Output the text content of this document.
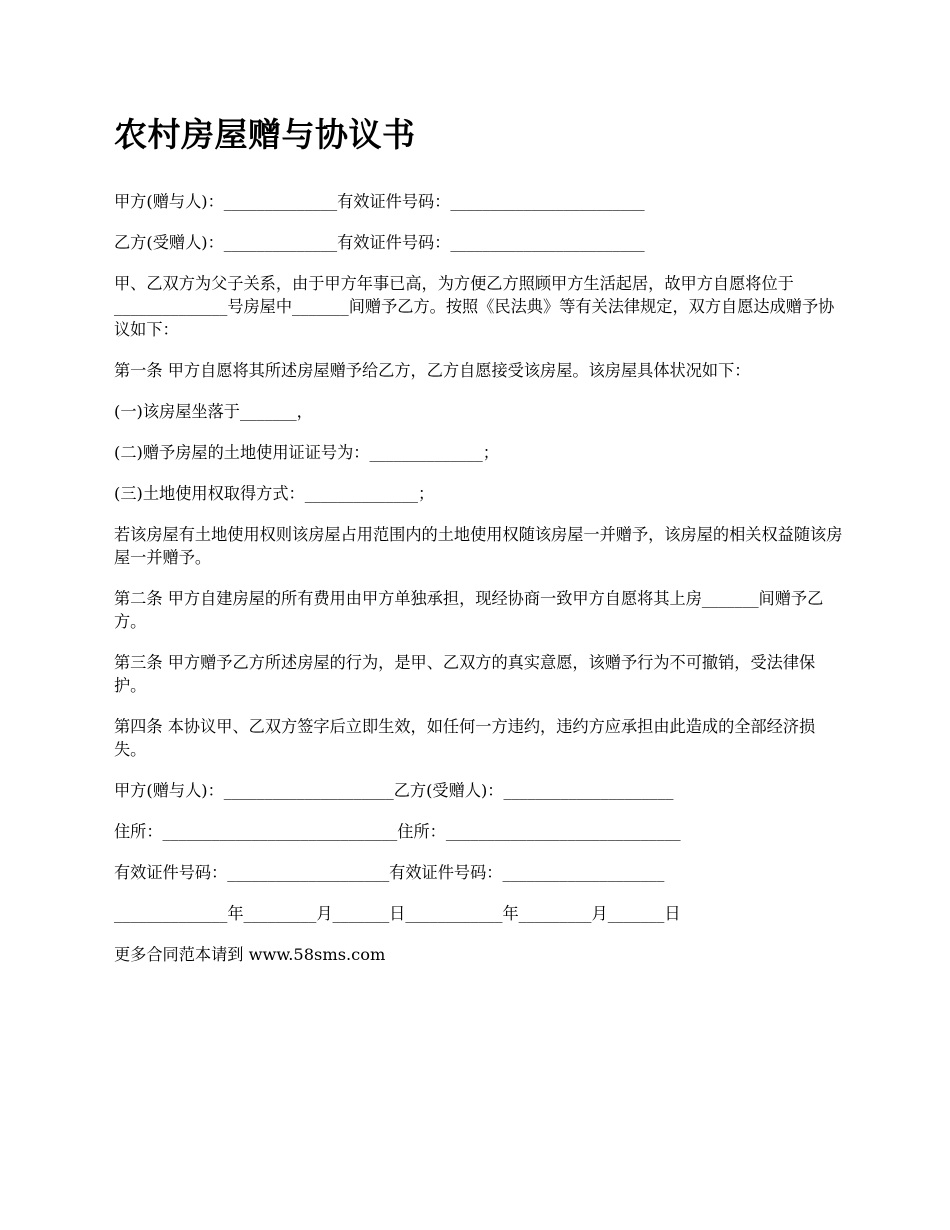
农村房屋赠与协议书

甲方(赠与人)：______________有效证件号码：________________________

乙方(受赠人)：______________有效证件号码：________________________

甲、乙双方为父子关系，由于甲方年事已高，为方便乙方照顾甲方生活起居，故甲方自愿将位于______________号房屋中_______间赠予乙方。按照《民法典》等有关法律规定，双方自愿达成赠予协议如下：

第一条 甲方自愿将其所述房屋赠予给乙方，乙方自愿接受该房屋。该房屋具体状况如下：

(一)该房屋坐落于_______，

(二)赠予房屋的土地使用证证号为：______________；

(三)土地使用权取得方式：______________；

若该房屋有土地使用权则该房屋占用范围内的土地使用权随该房屋一并赠予，该房屋的相关权益随该房屋一并赠予。

第二条 甲方自建房屋的所有费用由甲方单独承担，现经协商一致甲方自愿将其上房_______间赠予乙方。

第三条 甲方赠予乙方所述房屋的行为，是甲、乙双方的真实意愿，该赠予行为不可撤销，受法律保护。

第四条 本协议甲、乙双方签字后立即生效，如任何一方违约，违约方应承担由此造成的全部经济损失。

甲方(赠与人)：_____________________乙方(受赠人)：_____________________

住所：_____________________________住所：_____________________________

有效证件号码：____________________有效证件号码：____________________

______________年_________月_______日____________年_________月_______日

更多合同范本请到 www.58sms.com
